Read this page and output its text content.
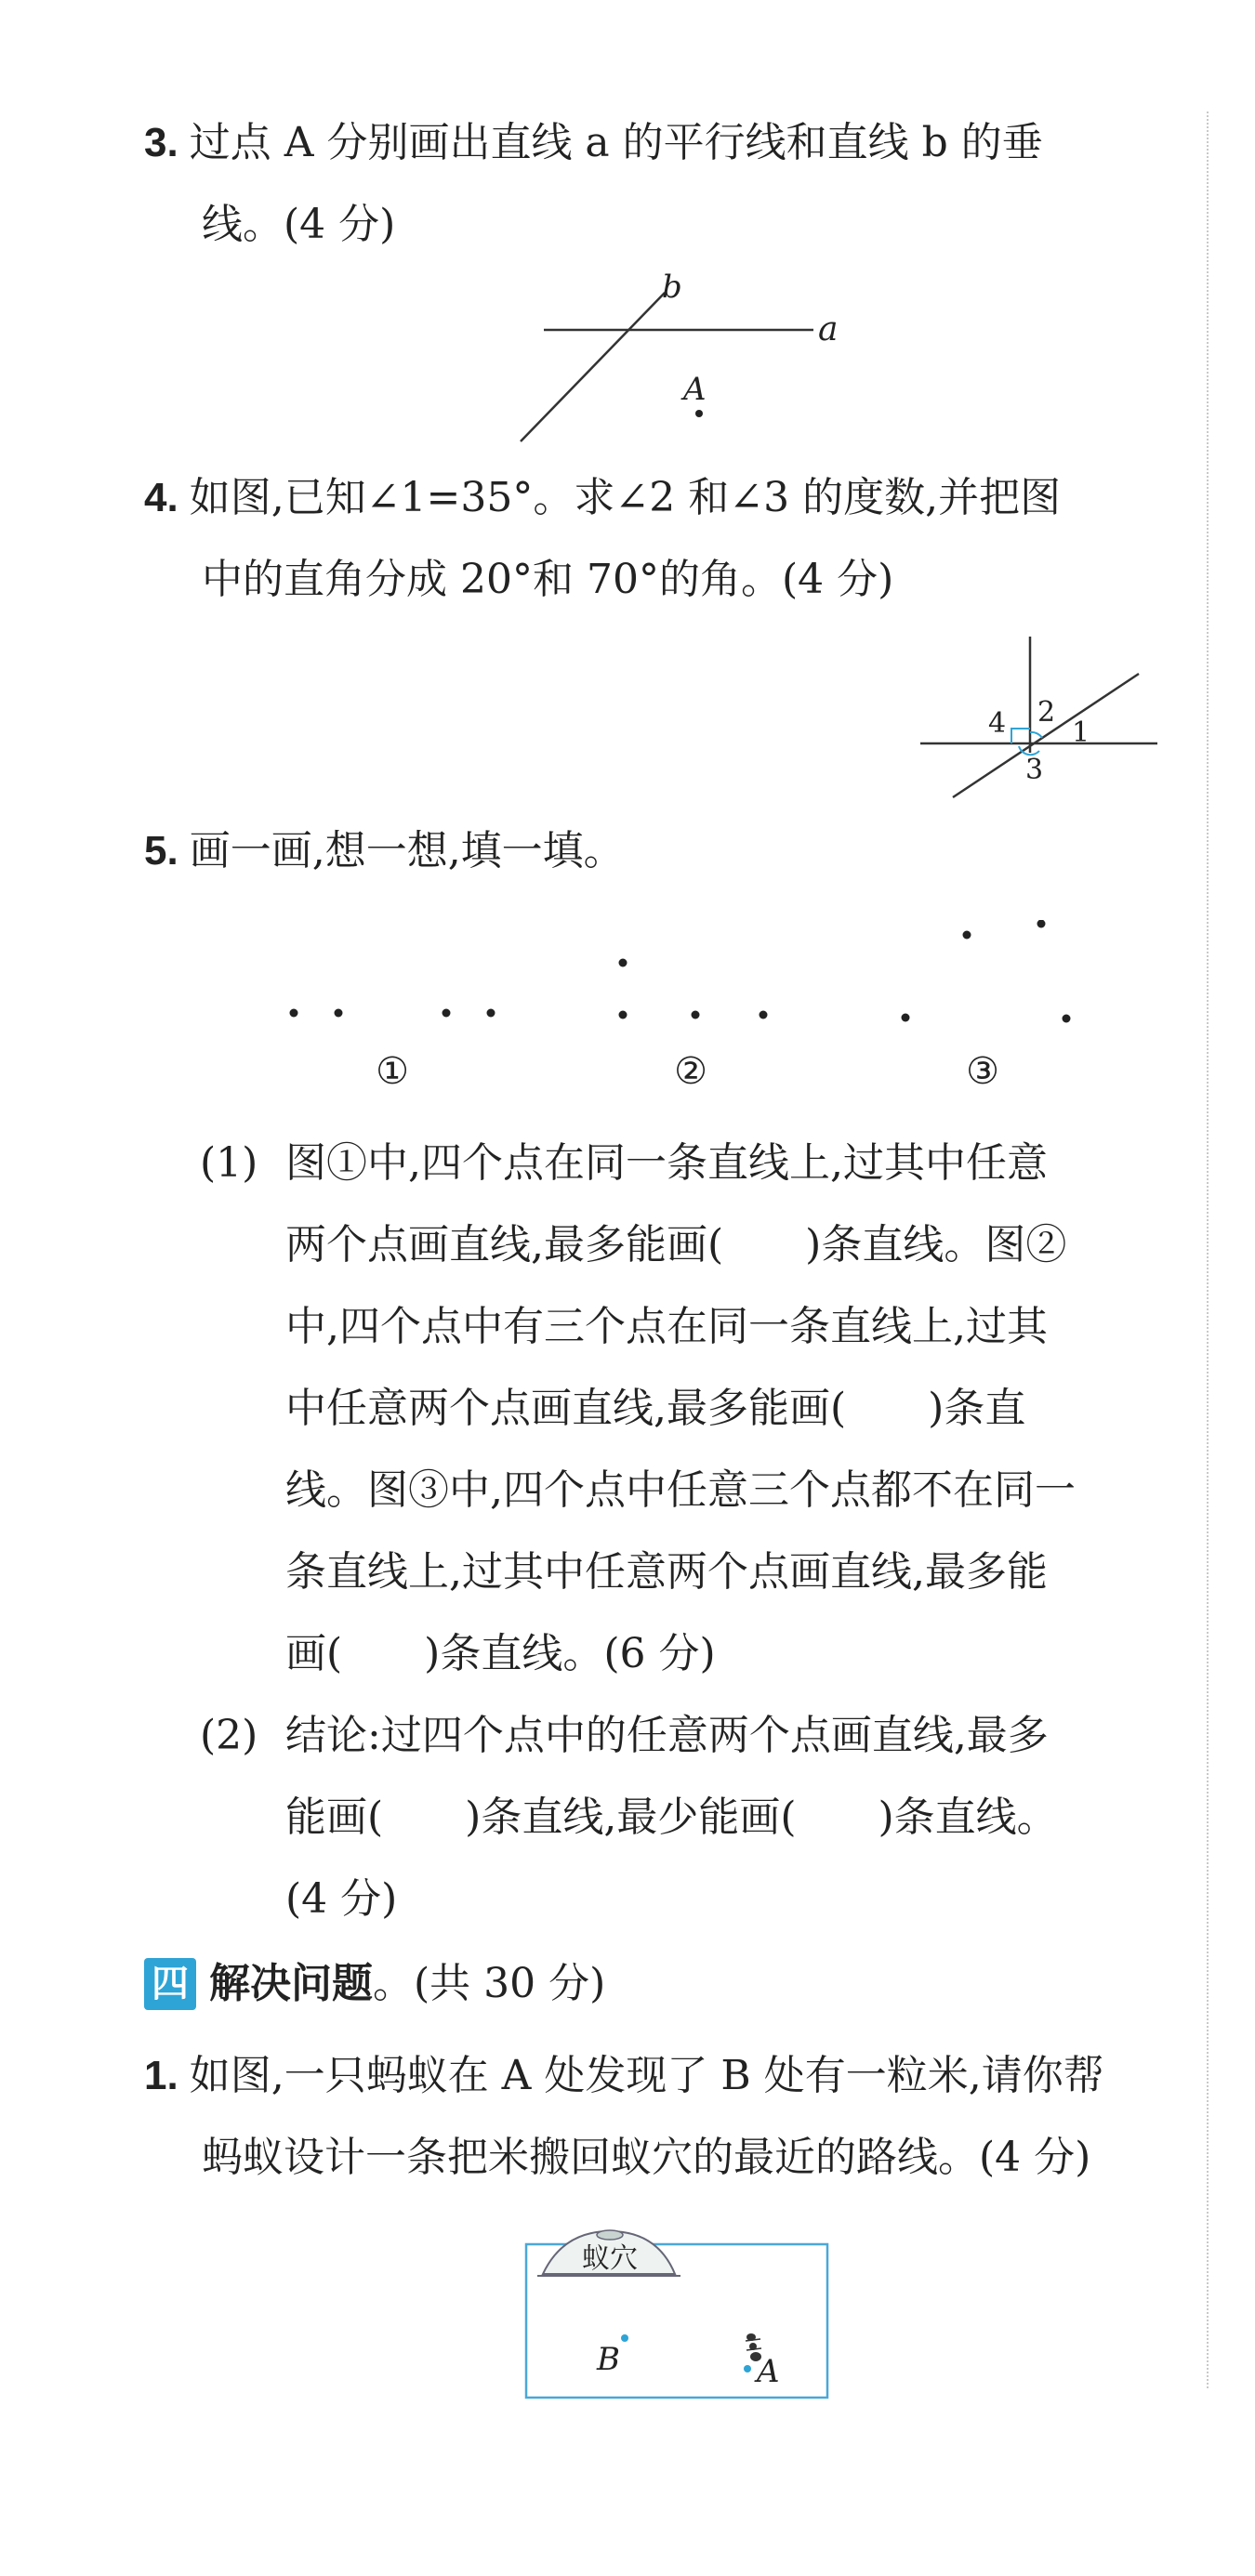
3. 过点 A 分别画出直线 a 的平行线和直线 b 的垂
线。(4 分)
b
a
A
4. 如图,已知∠1=35°。求∠2 和∠3 的度数,并把图
中的直角分成 20°和 70°的角。(4 分)
4 2
1
3
5. 画一画,想一想,填一填。
①	②	③
(1) 图①中,四个点在同一条直线上,过其中任意
两个点画直线,最多能画(　　)条直线。图②
中,四个点中有三个点在同一条直线上,过其
中任意两个点画直线,最多能画(　　)条直
线。图③中,四个点中任意三个点都不在同一
条直线上,过其中任意两个点画直线,最多能
画(　　)条直线。(6 分)
(2) 结论:过四个点中的任意两个点画直线,最多
能画(　　)条直线,最少能画(　　)条直线。
(4 分)
四 解决问题 。(共 30 分)
1. 如图,一只蚂蚁在 A 处发现了 B 处有一粒米,请你帮
蚂蚁设计一条把米搬回蚁穴的最近的路线。(4 分)
蚁穴
B	A
